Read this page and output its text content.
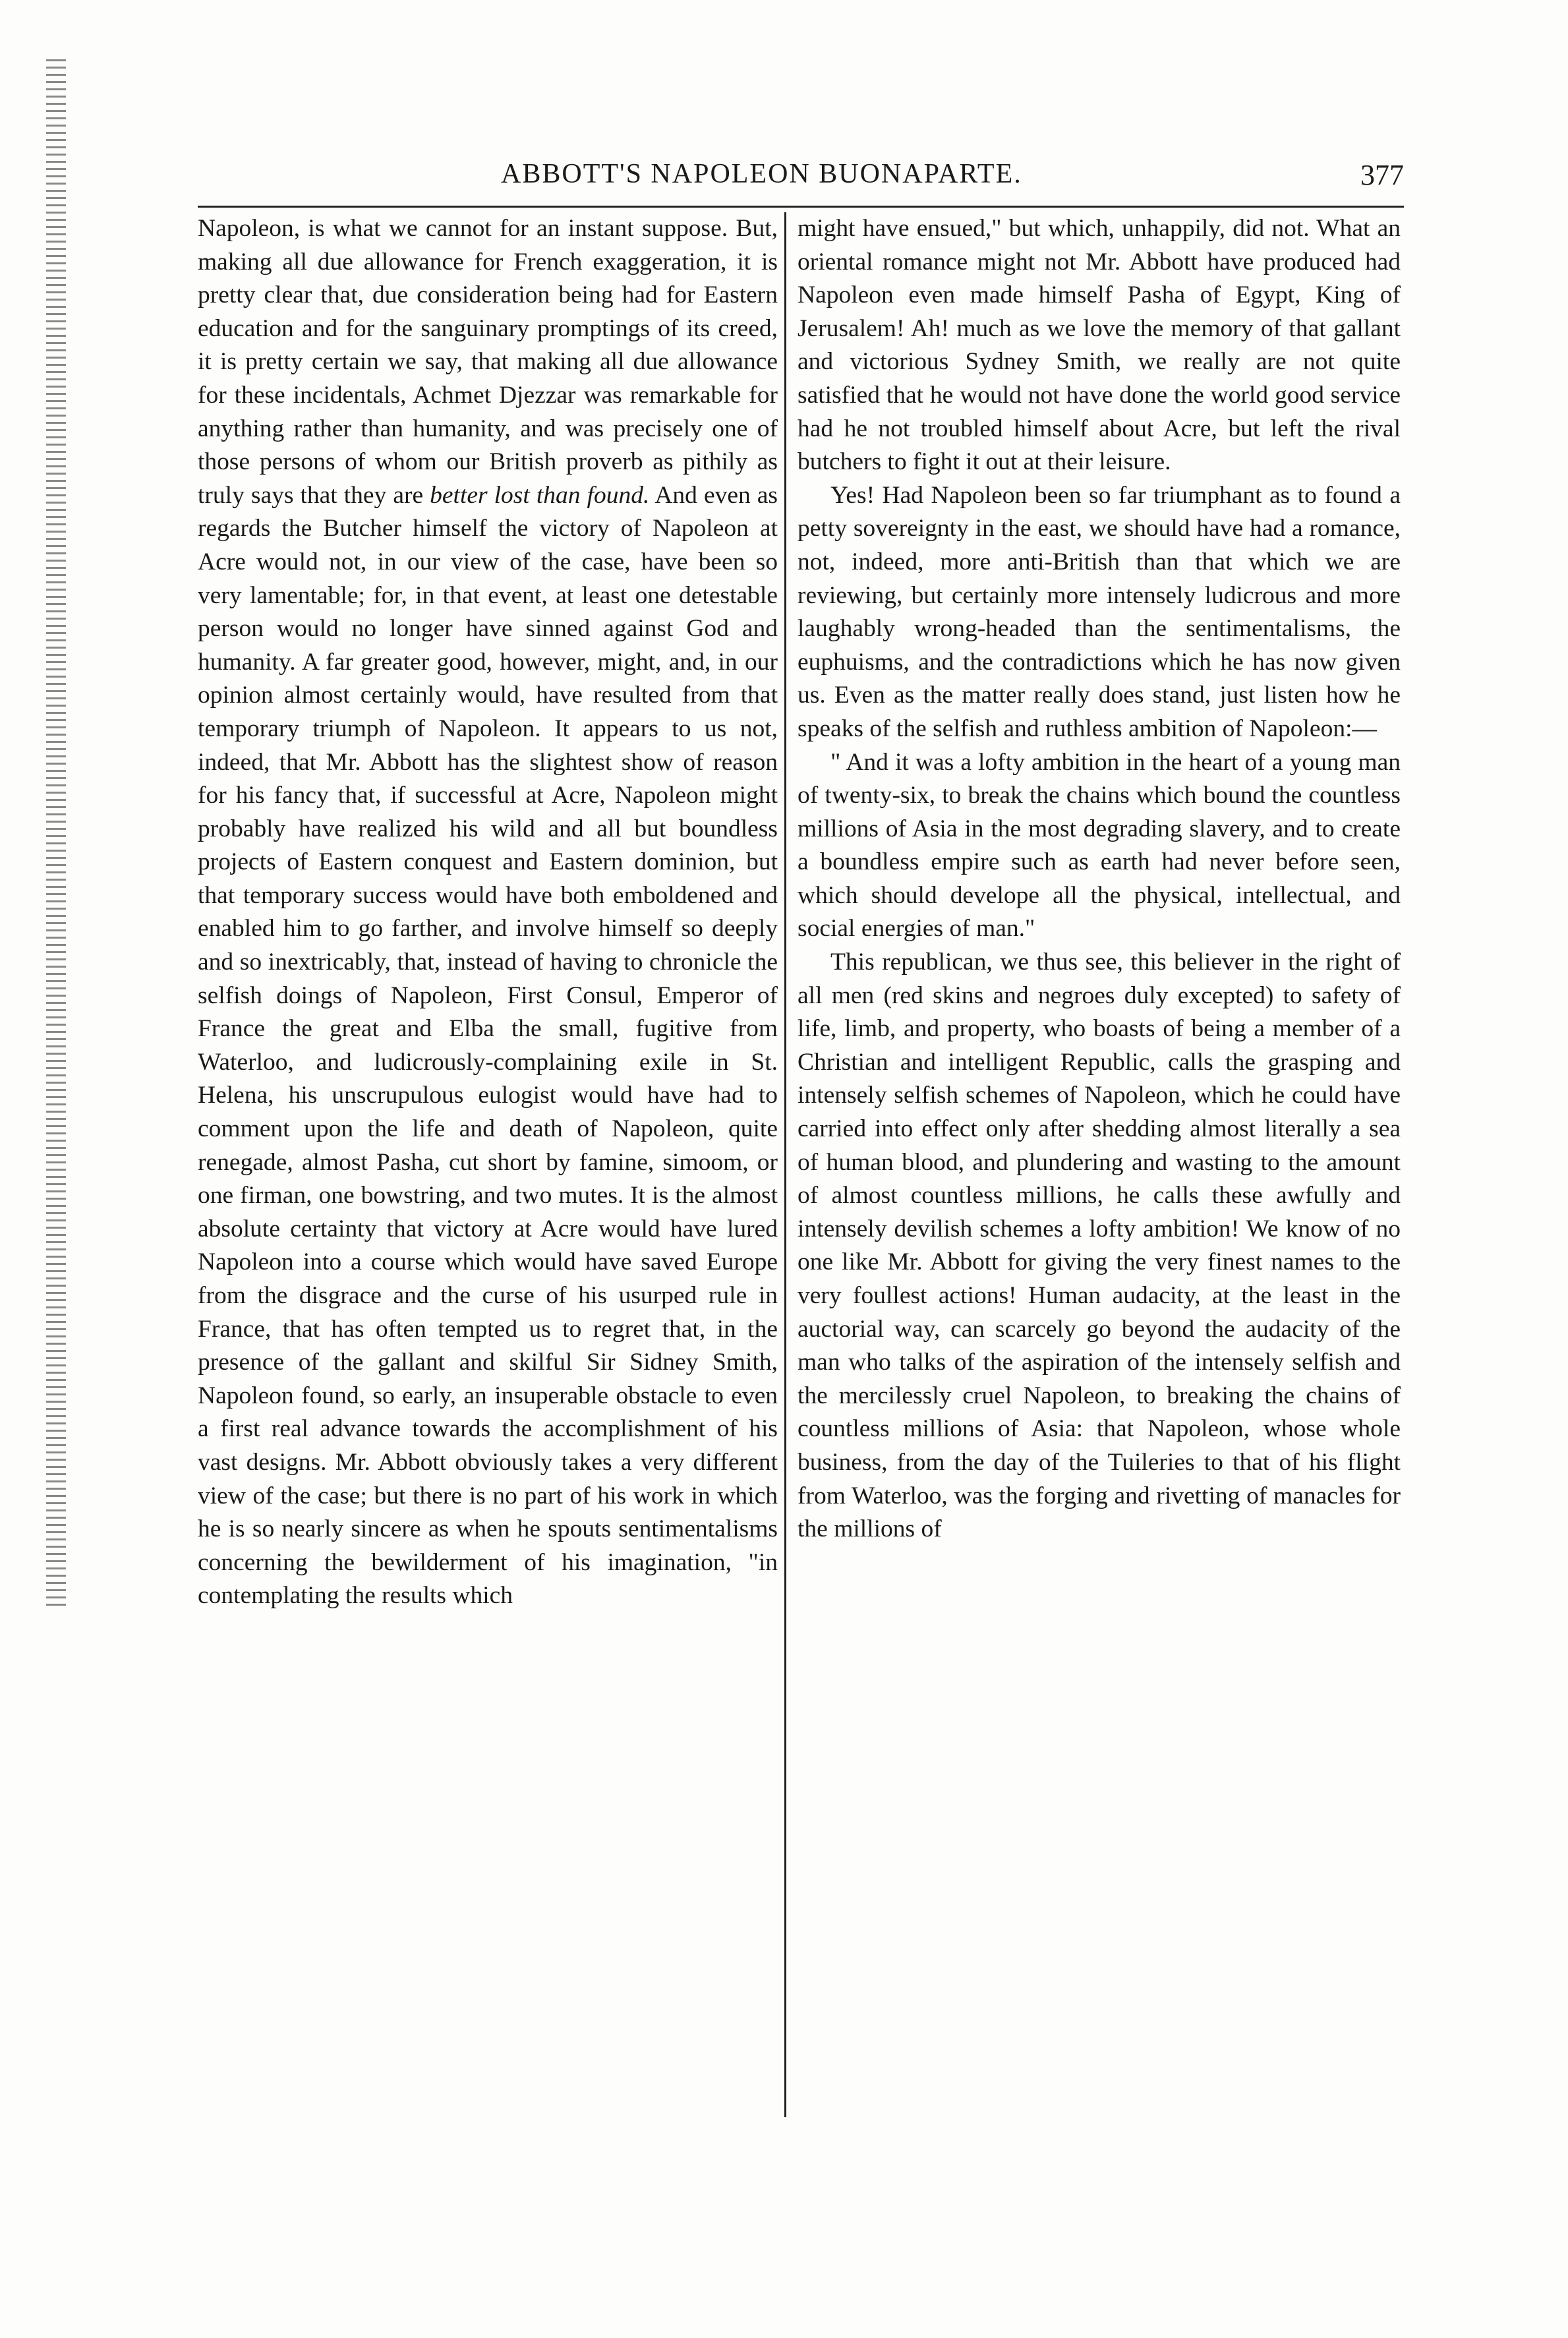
ABBOTT'S NAPOLEON BUONAPARTE.	377

Napoleon, is what we cannot for an instant suppose. But, making all due allowance for French exaggeration, it is pretty clear that, due consideration being had for Eastern education and for the sanguinary promptings of its creed, it is pretty certain we say, that making all due allowance for these incidentals, Achmet Djezzar was remarkable for anything rather than humanity, and was precisely one of those persons of whom our British proverb as pithily as truly says that they are better lost than found. And even as regards the Butcher himself the victory of Napoleon at Acre would not, in our view of the case, have been so very lamentable; for, in that event, at least one detestable person would no longer have sinned against God and humanity. A far greater good, however, might, and, in our opinion almost certainly would, have resulted from that temporary triumph of Napoleon. It appears to us not, indeed, that Mr. Abbott has the slightest show of reason for his fancy that, if successful at Acre, Napoleon might probably have realized his wild and all but boundless projects of Eastern conquest and Eastern dominion, but that temporary success would have both emboldened and enabled him to go farther, and involve himself so deeply and so inextricably, that, instead of having to chronicle the selfish doings of Napoleon, First Consul, Emperor of France the great and Elba the small, fugitive from Waterloo, and ludicrously-complaining exile in St. Helena, his unscrupulous eulogist would have had to comment upon the life and death of Napoleon, quite renegade, almost Pasha, cut short by famine, simoom, or one firman, one bowstring, and two mutes. It is the almost absolute certainty that victory at Acre would have lured Napoleon into a course which would have saved Europe from the disgrace and the curse of his usurped rule in France, that has often tempted us to regret that, in the presence of the gallant and skilful Sir Sidney Smith, Napoleon found, so early, an insuperable obstacle to even a first real advance towards the accomplishment of his vast designs. Mr. Abbott obviously takes a very different view of the case; but there is no part of his work in which he is so nearly sincere as when he spouts sentimentalisms concerning the bewilderment of his imagination, "in contemplating the results which

might have ensued," but which, unhappily, did not. What an oriental romance might not Mr. Abbott have produced had Napoleon even made himself Pasha of Egypt, King of Jerusalem! Ah! much as we love the memory of that gallant and victorious Sydney Smith, we really are not quite satisfied that he would not have done the world good service had he not troubled himself about Acre, but left the rival butchers to fight it out at their leisure.

Yes! Had Napoleon been so far triumphant as to found a petty sovereignty in the east, we should have had a romance, not, indeed, more anti-British than that which we are reviewing, but certainly more intensely ludicrous and more laughably wrong-headed than the sentimentalisms, the euphuisms, and the contradictions which he has now given us. Even as the matter really does stand, just listen how he speaks of the selfish and ruthless ambition of Napoleon:—

" And it was a lofty ambition in the heart of a young man of twenty-six, to break the chains which bound the countless millions of Asia in the most degrading slavery, and to create a boundless empire such as earth had never before seen, which should develope all the physical, intellectual, and social energies of man."

This republican, we thus see, this believer in the right of all men (red skins and negroes duly excepted) to safety of life, limb, and property, who boasts of being a member of a Christian and intelligent Republic, calls the grasping and intensely selfish schemes of Napoleon, which he could have carried into effect only after shedding almost literally a sea of human blood, and plundering and wasting to the amount of almost countless millions, he calls these awfully and intensely devilish schemes a lofty ambition! We know of no one like Mr. Abbott for giving the very finest names to the very foullest actions! Human audacity, at the least in the auctorial way, can scarcely go beyond the audacity of the man who talks of the aspiration of the intensely selfish and the mercilessly cruel Napoleon, to breaking the chains of countless millions of Asia: that Napoleon, whose whole business, from the day of the Tuileries to that of his flight from Waterloo, was the forging and rivetting of manacles for the millions of
